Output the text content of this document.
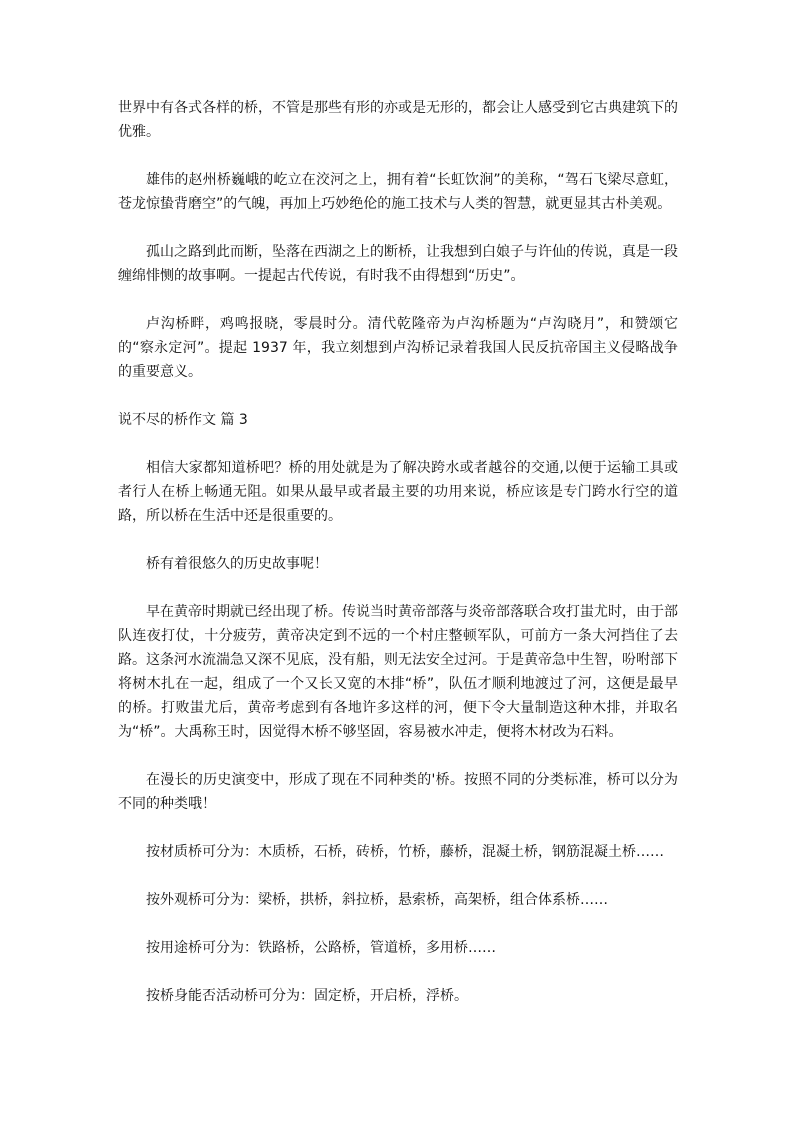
世界中有各式各样的桥，不管是那些有形的亦或是无形的，都会让人感受到它古典建筑下的优雅。

雄伟的赵州桥巍峨的屹立在洨河之上，拥有着“长虹饮涧”的美称，“驾石飞梁尽意虹，苍龙惊蛰背磨空”的气魄，再加上巧妙绝伦的施工技术与人类的智慧，就更显其古朴美观。

孤山之路到此而断，坠落在西湖之上的断桥，让我想到白娘子与许仙的传说，真是一段缠绵悱恻的故事啊。一提起古代传说，有时我不由得想到“历史”。

卢沟桥畔，鸡鸣报晓，零晨时分。清代乾隆帝为卢沟桥题为“卢沟晓月”，和赞颂它的“察永定河”。提起 1937 年，我立刻想到卢沟桥记录着我国人民反抗帝国主义侵略战争的重要意义。

说不尽的桥作文 篇 3

相信大家都知道桥吧？桥的用处就是为了解决跨水或者越谷的交通,以便于运输工具或者行人在桥上畅通无阻。如果从最早或者最主要的功用来说，桥应该是专门跨水行空的道路，所以桥在生活中还是很重要的。

桥有着很悠久的历史故事呢！

早在黄帝时期就已经出现了桥。传说当时黄帝部落与炎帝部落联合攻打蚩尤时，由于部队连夜打仗，十分疲劳，黄帝决定到不远的一个村庄整顿军队，可前方一条大河挡住了去路。这条河水流湍急又深不见底，没有船，则无法安全过河。于是黄帝急中生智，吩咐部下将树木扎在一起，组成了一个又长又宽的木排“桥”，队伍才顺利地渡过了河，这便是最早的桥。打败蚩尤后，黄帝考虑到有各地许多这样的河，便下令大量制造这种木排，并取名为“桥”。大禹称王时，因觉得木桥不够坚固，容易被水冲走，便将木材改为石料。

在漫长的历史演变中，形成了现在不同种类的'桥。按照不同的分类标准，桥可以分为不同的种类哦！

按材质桥可分为：木质桥，石桥，砖桥，竹桥，藤桥，混凝土桥，钢筋混凝土桥……

按外观桥可分为：梁桥，拱桥，斜拉桥，悬索桥，高架桥，组合体系桥……

按用途桥可分为：铁路桥，公路桥，管道桥，多用桥……

按桥身能否活动桥可分为：固定桥，开启桥，浮桥。
